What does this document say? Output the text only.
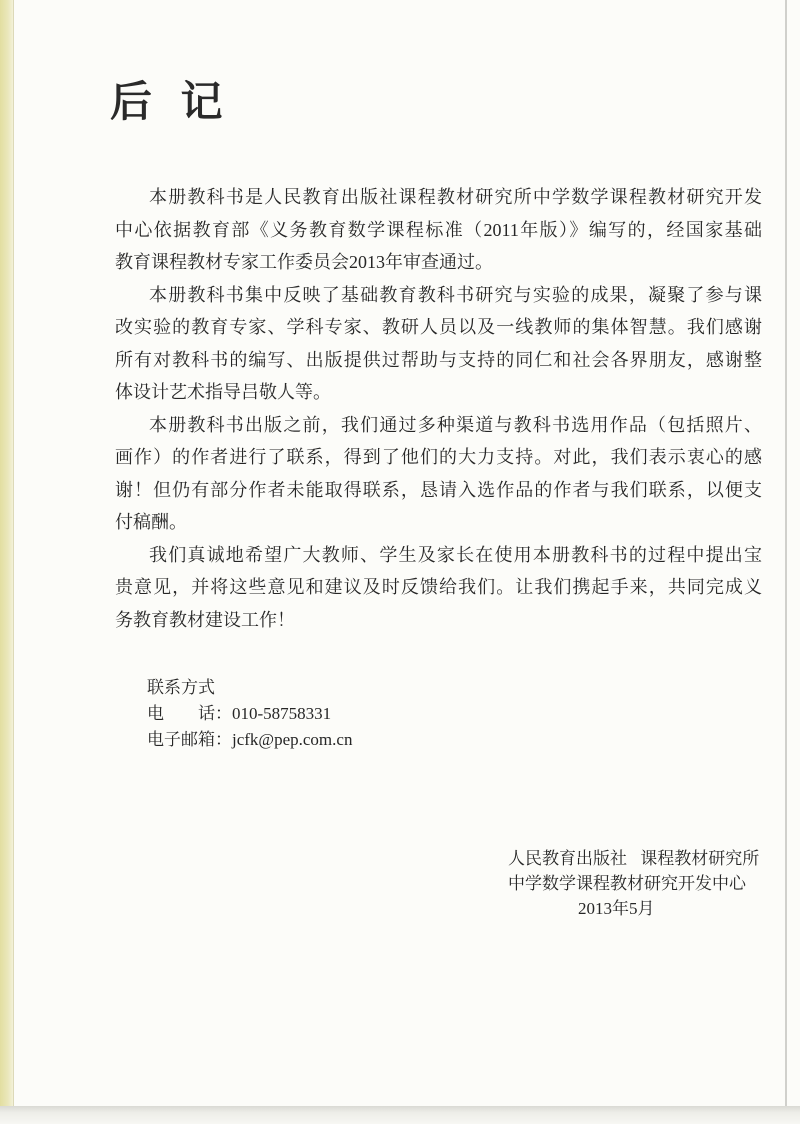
后 记
本册教科书是人民教育出版社课程教材研究所中学数学课程教材研究开发
中心依据教育部《义务教育数学课程标准（2011年版）》编写的，经国家基础
教育课程教材专家工作委员会2013年审查通过。
本册教科书集中反映了基础教育教科书研究与实验的成果，凝聚了参与课
改实验的教育专家、学科专家、教研人员以及一线教师的集体智慧。我们感谢
所有对教科书的编写、出版提供过帮助与支持的同仁和社会各界朋友，感谢整
体设计艺术指导吕敬人等。
本册教科书出版之前，我们通过多种渠道与教科书选用作品（包括照片、
画作）的作者进行了联系，得到了他们的大力支持。对此，我们表示衷心的感
谢！但仍有部分作者未能取得联系，恳请入选作品的作者与我们联系，以便支
付稿酬。
我们真诚地希望广大教师、学生及家长在使用本册教科书的过程中提出宝
贵意见，并将这些意见和建议及时反馈给我们。让我们携起手来，共同完成义
务教育教材建设工作！
联系方式
电　　话：010-58758331
电子邮箱：jcfk@pep.com.cn
人民教育出版社 课程教材研究所
中学数学课程教材研究开发中心
2013年5月
